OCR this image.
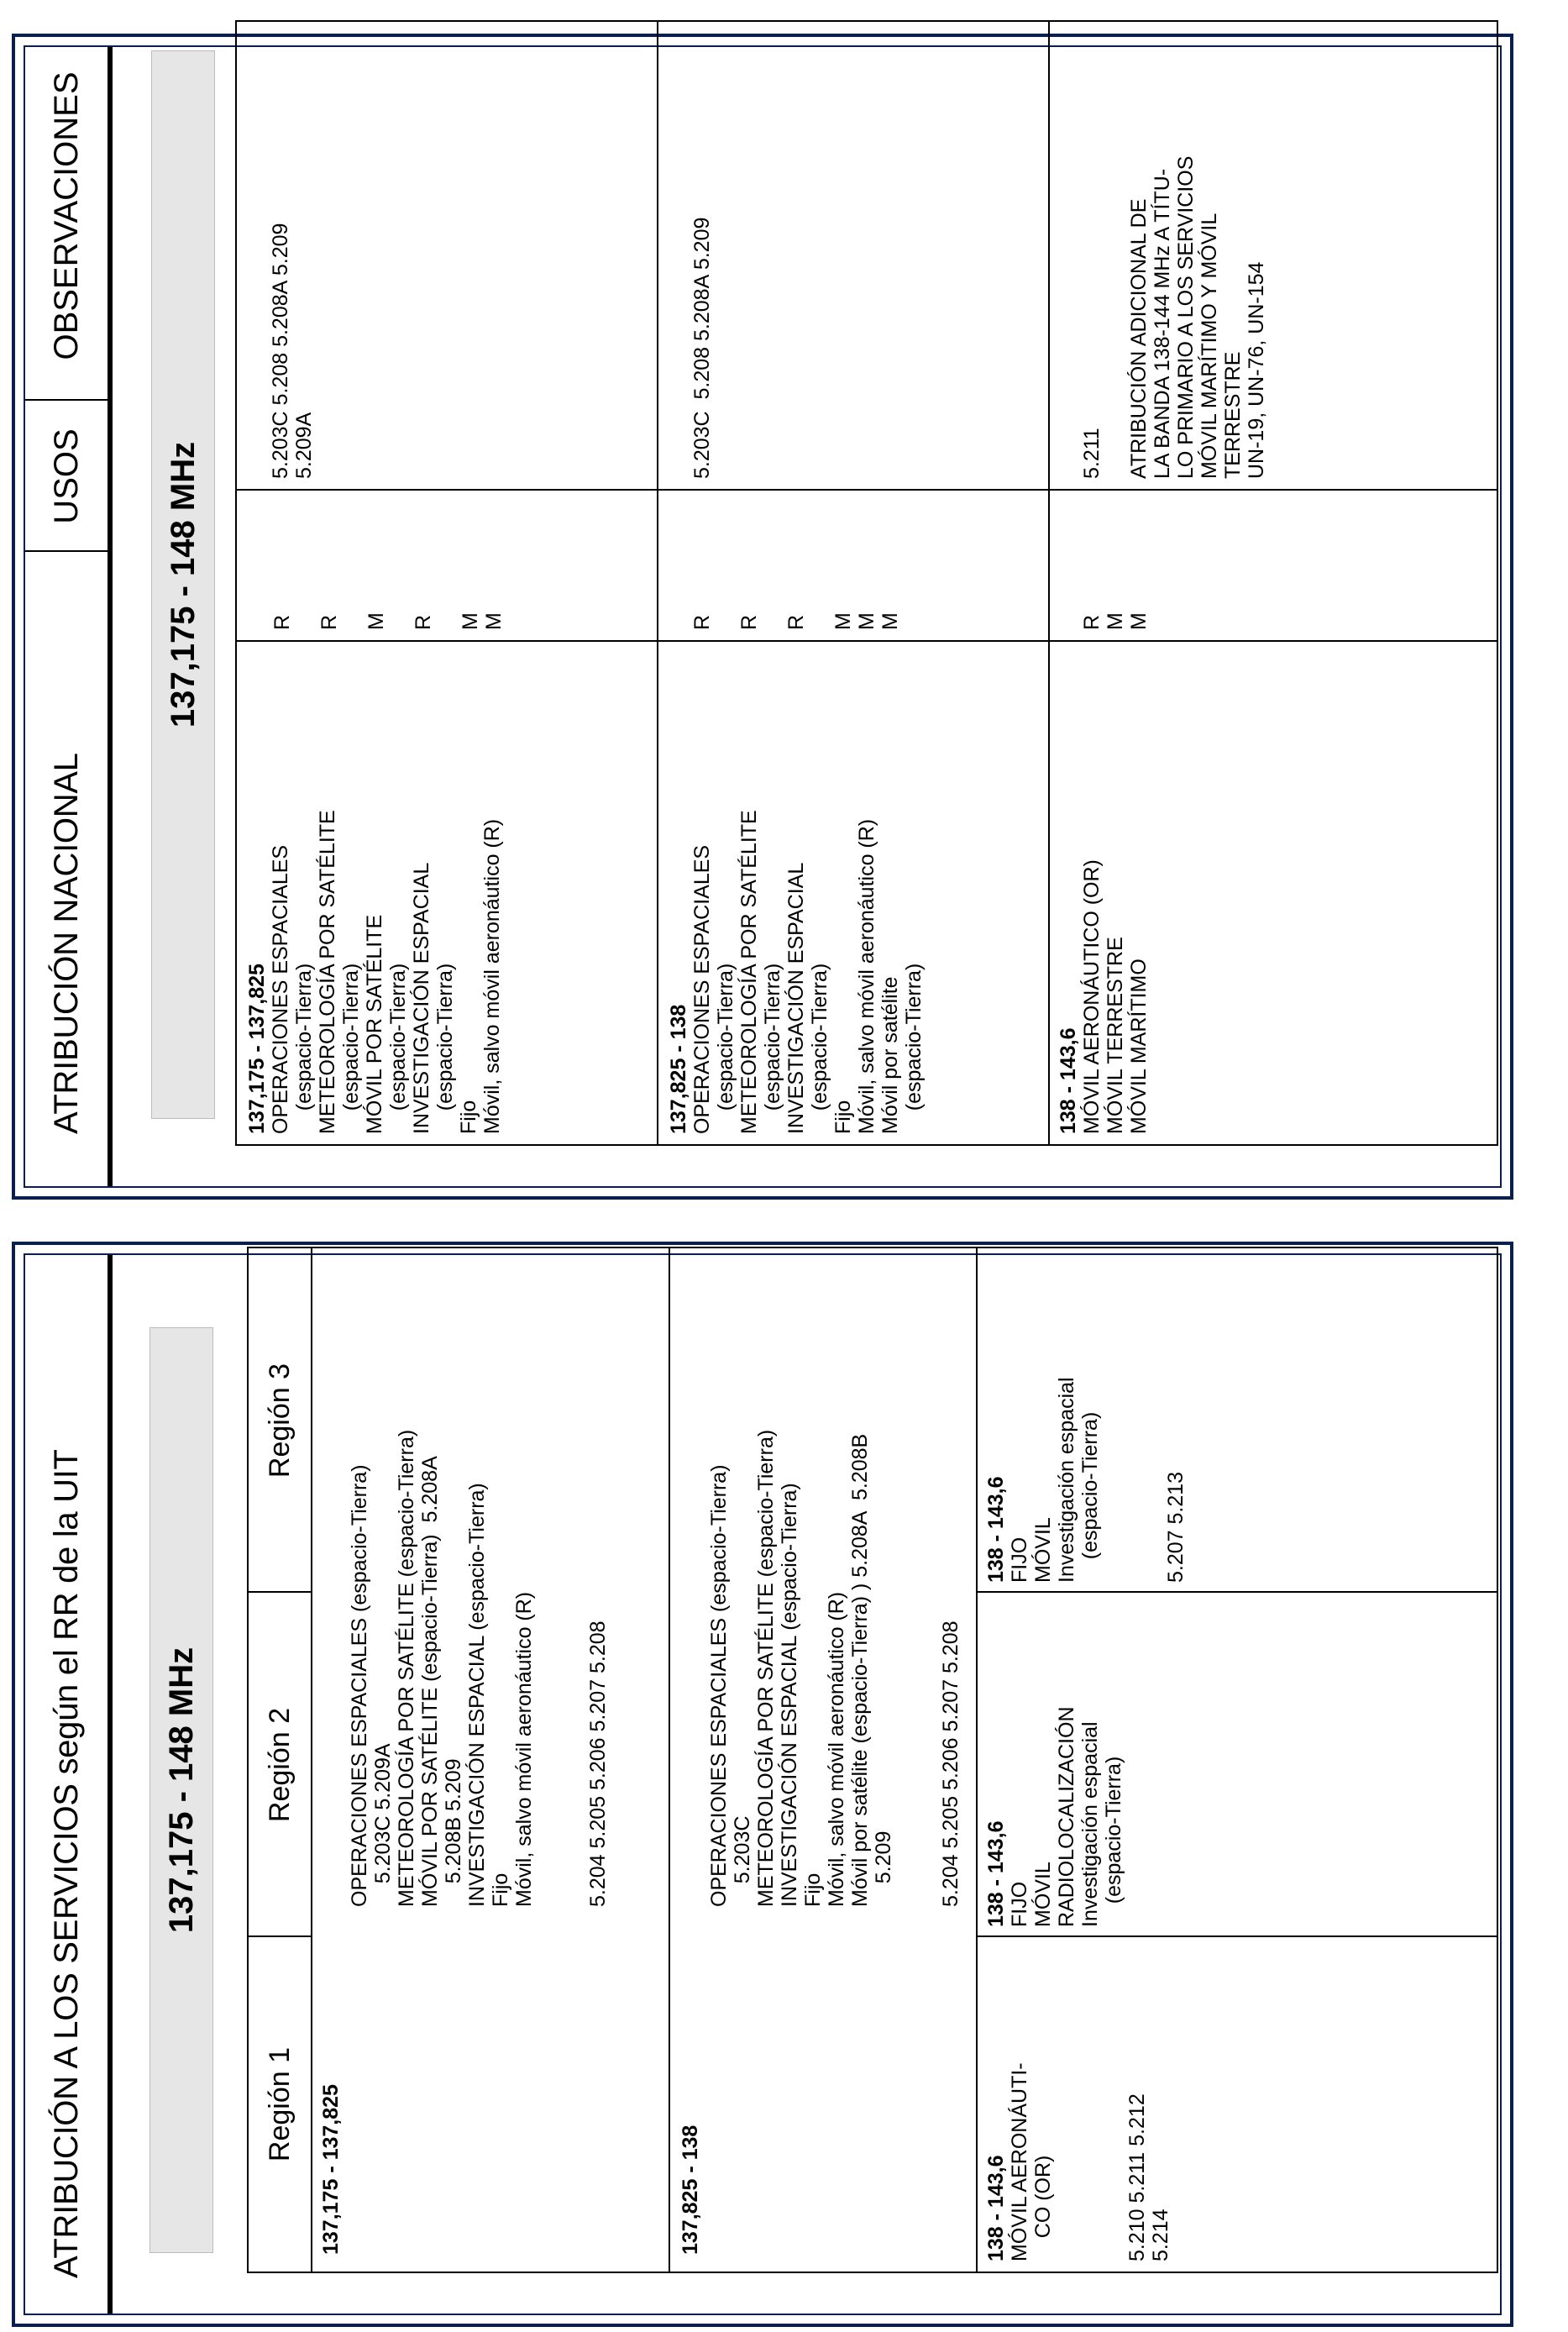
ATRIBUCIÓN A LOS SERVICIOS según el RR de la UIT	137,175 - 148 MHz
Región 1
Región 2
Región 3
137,175 - 137,825
OPERACIONES ESPACIALES (espacio-Tierra)
5.203C 5.209A
METEOROLOGÍA POR SATÉLITE (espacio-Tierra)
MÓVIL POR SATÉLITE (espacio-Tierra)  5.208A
5.208B 5.209
INVESTIGACIÓN ESPACIAL (espacio-Tierra)
Fijo
Móvil, salvo móvil aeronáutico (R)
5.204 5.205 5.206 5.207 5.208
137,825 - 138
OPERACIONES ESPACIALES (espacio-Tierra)
5.203C
METEOROLOGÍA POR SATÉLITE (espacio-Tierra)
INVESTIGACIÓN ESPACIAL (espacio-Tierra)
Fijo
Móvil, salvo móvil aeronáutico (R)
Móvil por satélite (espacio-Tierra) ) 5.208A  5.208B
5.209 5.204 5.205 5.206 5.207 5.208
138 - 143,6 MÓVIL AERONÁUTI-
CO (OR)
5.210 5.211 5.212
5.214
138 - 143,6 FIJO
MÓVIL
RADIOLOCALIZACIÓN
Investigación espacial
(espacio-Tierra)
138 - 143,6 FIJO
MÓVIL
Investigación espacial
(espacio-Tierra)	5.207 5.213
ATRIBUCIÓN NACIONAL
USOS
OBSERVACIONES
137,175 - 148 MHz
137,175 - 137,825 OPERACIONES ESPACIALES
(espacio-Tierra)
METEOROLOGÍA POR SATÉLITE
(espacio-Tierra)
MÓVIL POR SATÉLITE
(espacio-Tierra)
INVESTIGACIÓN ESPACIAL
(espacio-Tierra)
Fijo
Móvil, salvo móvil aeronáutico (R)
R

R

M

R

M
M
5.203C 5.208 5.208A 5.209
5.209A
137,825 - 138 OPERACIONES ESPACIALES
(espacio-Tierra)
METEOROLOGÍA POR SATÉLITE
(espacio-Tierra)
INVESTIGACIÓN ESPACIAL
(espacio-Tierra)
Fijo
Móvil, salvo móvil aeronáutico (R)
Móvil por satélite
(espacio-Tierra)
R

R

R

M
M
M
5.203C  5.208 5.208A 5.209
138 - 143,6 MÓVIL AERONÁUTICO (OR)
MÓVIL TERRESTRE
MÓVIL MARÍTIMO
R
M
M
5.211

ATRIBUCIÓN ADICIONAL DE
LA BANDA 138-144 MHz A TÍTU-
LO PRIMARIO A LOS SERVICIOS
MÓVIL MARÍTIMO Y MÓVIL
TERRESTRE
UN-19, UN-76, UN-154
